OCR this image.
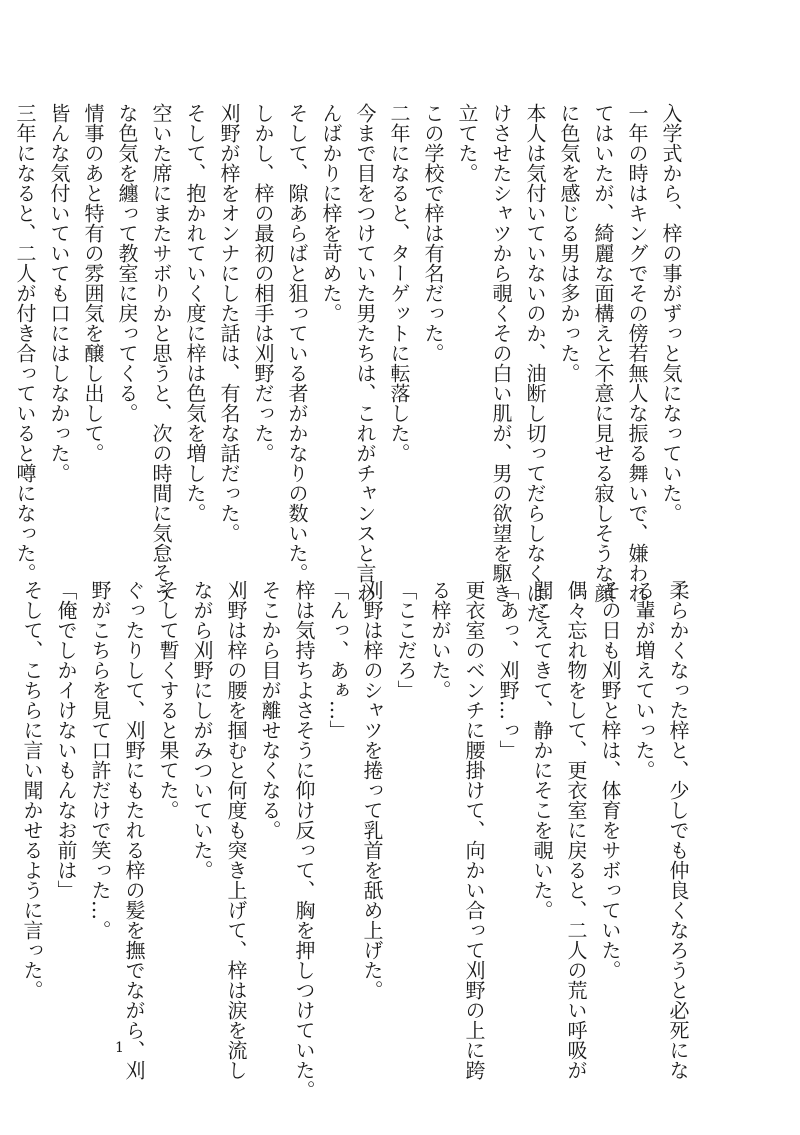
入学式から、梓の事がずっと気になっていた。
一年の時はキングでその傍若無人な振る舞いで、嫌われ
てはいたが、綺麗な面構えと不意に見せる寂しそうな顔
に色気を感じる男は多かった。
本人は気付いていないのか、油断し切ってだらしなくはだ
けさせたシャツから覗くその白い肌が、男の欲望を駆き
立てた。
この学校で梓は有名だった。
二年になると、ターゲットに転落した。
今まで目をつけていた男たちは、これがチャンスと言わ
んばかりに梓を苛めた。
そして、隙あらばと狙っている者がかなりの数いた。
しかし、梓の最初の相手は刈野だった。
刈野が梓をオンナにした話は、有名な話だった。
そして、抱かれていく度に梓は色気を増した。
空いた席にまたサボりかと思うと、次の時間に気怠そう
な色気を纏って教室に戻ってくる。
情事のあと特有の雰囲気を醸し出して。
皆んな気付いていても口にはしなかった。
三年になると、二人が付き合っていると噂になった。
柔らかくなった梓と、少しでも仲良くなろうと必死にな
る輩が増えていった。
その日も刈野と梓は、体育をサボっていた。
偶々忘れ物をして、更衣室に戻ると、二人の荒い呼吸が
聞こえてきて、静かにそこを覗いた。
「あっ、刈野…っ」
更衣室のベンチに腰掛けて、向かい合って刈野の上に跨
る梓がいた。
「ここだろ」
刈野は梓のシャツを捲って乳首を舐め上げた。
「んっ、あぁ…」
梓は気持ちよさそうに仰け反って、胸を押しつけていた。
そこから目が離せなくなる。
刈野は梓の腰を掴むと何度も突き上げて、梓は涙を流し
ながら刈野にしがみついていた。
そして暫くすると果てた。
ぐったりして、刈野にもたれる梓の髪を撫でながら、刈
野がこちらを見て口許だけで笑った…。
「俺でしかイけないもんなお前は」
そして、こちらに言い聞かせるように言った。
1
